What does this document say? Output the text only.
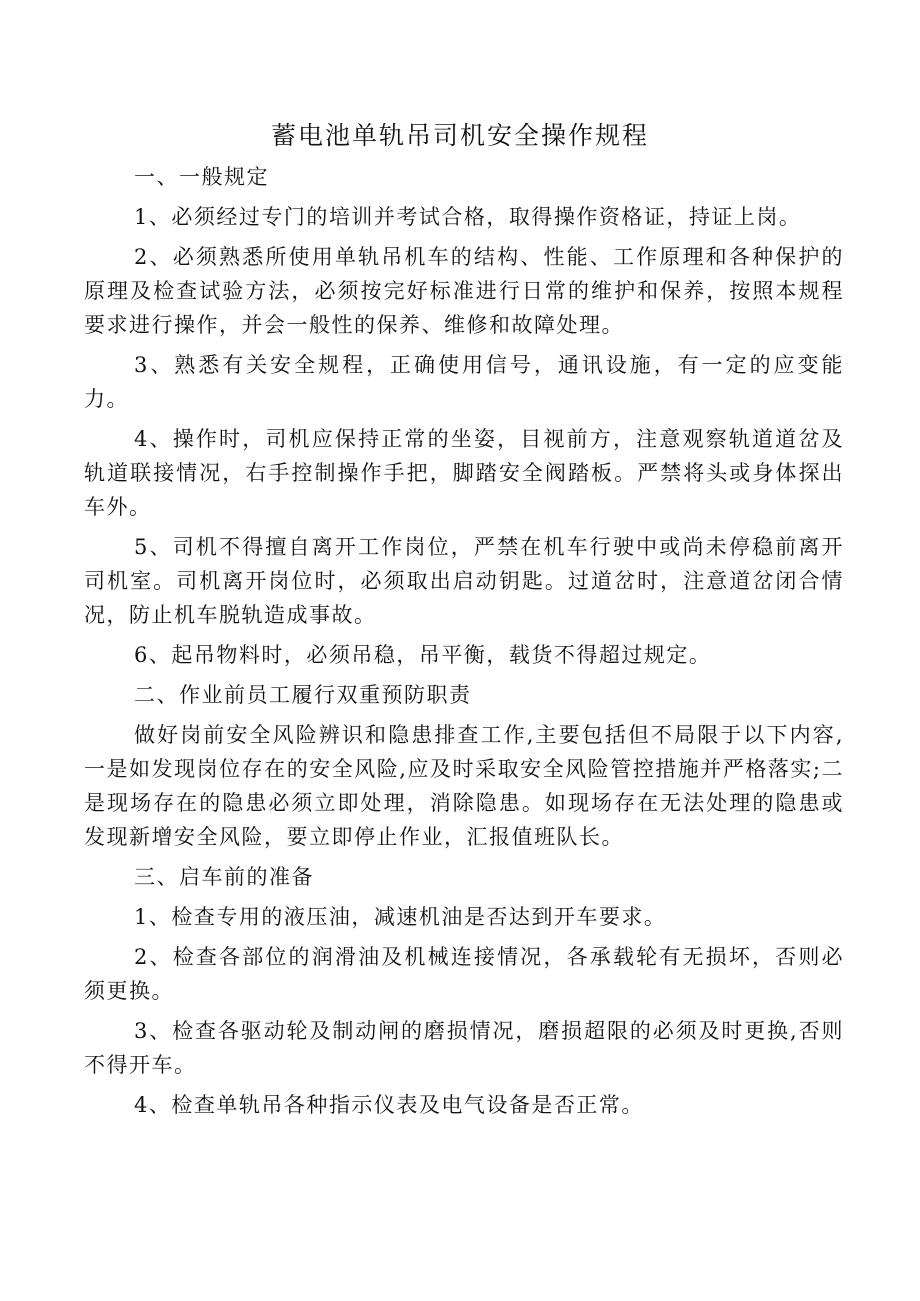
蓄电池单轨吊司机安全操作规程

一、一般规定

1、必须经过专门的培训并考试合格，取得操作资格证，持证上岗。

2、必须熟悉所使用单轨吊机车的结构、性能、工作原理和各种保护的原理及检查试验方法，必须按完好标准进行日常的维护和保养，按照本规程要求进行操作，并会一般性的保养、维修和故障处理。

3、熟悉有关安全规程，正确使用信号，通讯设施，有一定的应变能力。

4、操作时，司机应保持正常的坐姿，目视前方，注意观察轨道道岔及轨道联接情况，右手控制操作手把，脚踏安全阀踏板。严禁将头或身体探出车外。

5、司机不得擅自离开工作岗位，严禁在机车行驶中或尚未停稳前离开司机室。司机离开岗位时，必须取出启动钥匙。过道岔时，注意道岔闭合情况，防止机车脱轨造成事故。

6、起吊物料时，必须吊稳，吊平衡，载货不得超过规定。

二、作业前员工履行双重预防职责

做好岗前安全风险辨识和隐患排查工作,主要包括但不局限于以下内容,一是如发现岗位存在的安全风险,应及时采取安全风险管控措施并严格落实;二是现场存在的隐患必须立即处理，消除隐患。如现场存在无法处理的隐患或发现新增安全风险，要立即停止作业，汇报值班队长。

三、启车前的准备

1、检查专用的液压油，减速机油是否达到开车要求。

2、检查各部位的润滑油及机械连接情况，各承载轮有无损坏，否则必须更换。

3、检查各驱动轮及制动闸的磨损情况，磨损超限的必须及时更换,否则不得开车。

4、检查单轨吊各种指示仪表及电气设备是否正常。
